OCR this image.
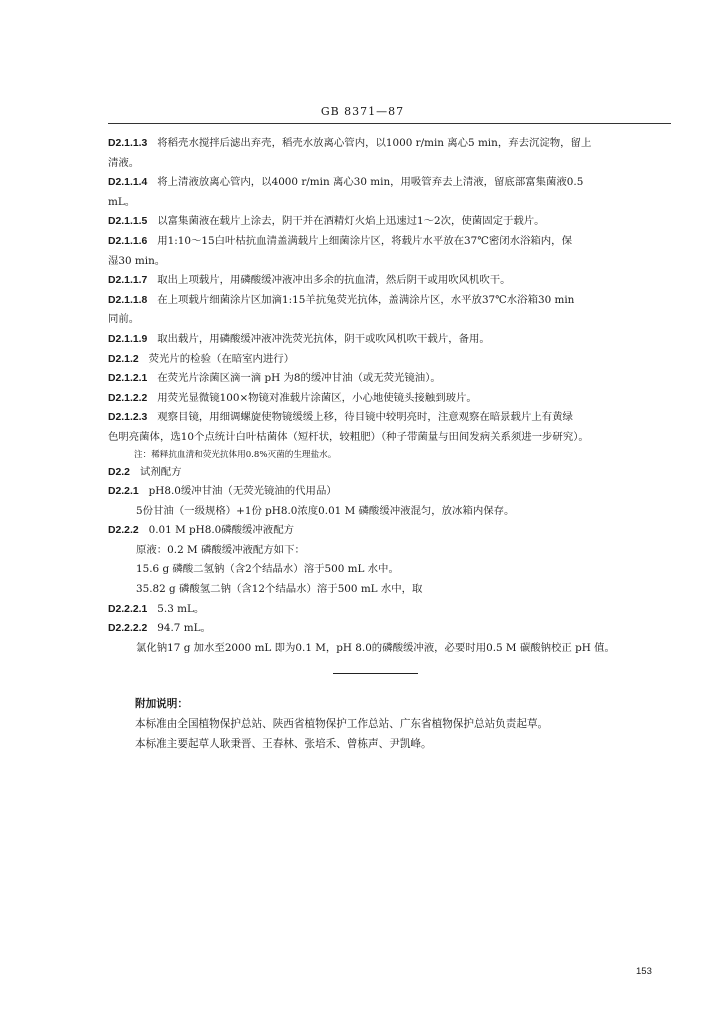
GB 8371—87

D2.1.1.3 将稻壳水搅拌后滤出弃壳，稻壳水放离心管内，以1000 r/min 离心5 min，弃去沉淀物，留上

清液。

D2.1.1.4 将上清液放离心管内，以4000 r/min 离心30 min，用吸管弃去上清液，留底部富集菌液0.5

mL。

D2.1.1.5 以富集菌液在载片上涂去，阴干并在酒精灯火焰上迅速过1～2次，使菌固定于载片。

D2.1.1.6 用1:10～15白叶枯抗血清盖满载片上细菌涂片区，将载片水平放在37℃密闭水浴箱内，保

湿30 min。

D2.1.1.7 取出上项载片，用磷酸缓冲液冲出多余的抗血清，然后阴干或用吹风机吹干。

D2.1.1.8 在上项载片细菌涂片区加滴1:15羊抗兔荧光抗体，盖满涂片区，水平放37℃水浴箱30 min

同前。

D2.1.1.9 取出载片，用磷酸缓冲液冲洗荧光抗体，阴干或吹风机吹干载片，备用。

D2.1.2 荧光片的检验（在暗室内进行）

D2.1.2.1 在荧光片涂菌区滴一滴 pH 为8的缓冲甘油（或无荧光镜油）。

D2.1.2.2 用荧光显微镜100×物镜对准载片涂菌区，小心地使镜头接触到玻片。

D2.1.2.3 观察目镜，用细调螺旋使物镜缓缓上移，待目镜中较明亮时，注意观察在暗景载片上有黄绿

色明亮菌体，选10个点统计白叶枯菌体（短杆状，较粗肥）（种子带菌量与田间发病关系须进一步研究）。

注：稀释抗血清和荧光抗体用0.8%灭菌的生理盐水。

D2.2 试剂配方

D2.2.1 pH8.0缓冲甘油（无荧光镜油的代用品）

5份甘油（一级规格）+1份 pH8.0浓度0.01 M 磷酸缓冲液混匀，放冰箱内保存。

D2.2.2 0.01 M pH8.0磷酸缓冲液配方

原液：0.2 M 磷酸缓冲液配方如下：

15.6 g 磷酸二氢钠（含2个结晶水）溶于500 mL 水中。

35.82 g 磷酸氢二钠（含12个结晶水）溶于500 mL 水中，取

D2.2.2.1 5.3 mL。

D2.2.2.2 94.7 mL。

氯化钠17 g 加水至2000 mL 即为0.1 M，pH 8.0的磷酸缓冲液，必要时用0.5 M 碳酸钠校正 pH 值。

附加说明：
本标准由全国植物保护总站、陕西省植物保护工作总站、广东省植物保护总站负责起草。
本标准主要起草人耿秉晋、王春林、张培禾、曾栋声、尹凯峰。
153
